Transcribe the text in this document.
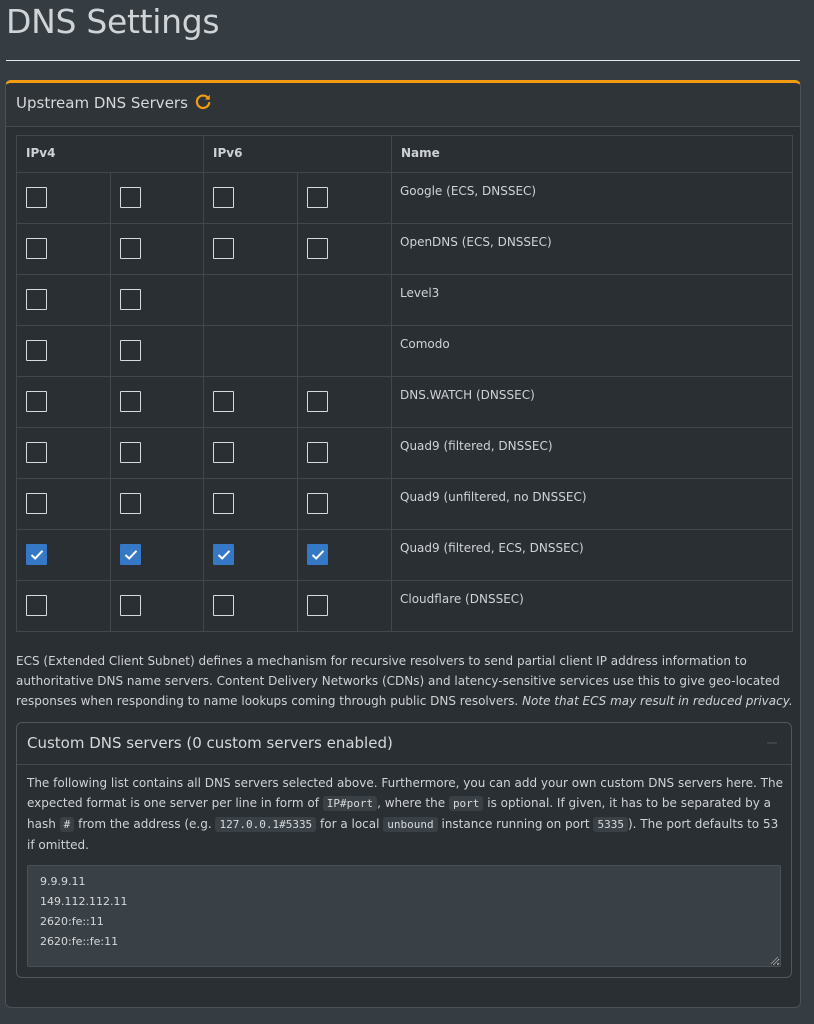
DNS Settings
Upstream DNS Servers
IPv4		IPv6		Name

	Google (ECS, DNSSEC)

	OpenDNS (ECS, DNSSEC)

			Level3

			Comodo

	DNS.WATCH (DNSSEC)

	Quad9 (filtered, DNSSEC)

	Quad9 (unfiltered, no DNSSEC)

	Quad9 (filtered, ECS, DNSSEC)

	Cloudflare (DNSSEC)
ECS (Extended Client Subnet) defines a mechanism for recursive resolvers to send partial client IP address information to authoritative DNS name servers. Content Delivery Networks (CDNs) and latency-sensitive services use this to give geo-located responses when responding to name lookups coming through public DNS resolvers. Note that ECS may result in reduced privacy.
Custom DNS servers (0 custom servers enabled)
The following list contains all DNS servers selected above. Furthermore, you can add your own custom DNS servers here. The expected format is one server per line in form of IP#port , where the port is optional. If given, it has to be separated by a hash # from the address (e.g. 127.0.0.1#5335 for a local unbound instance running on port 5335 ). The port defaults to 53 if omitted.
9.9.9.11 149.112.112.11 2620:fe::11 2620:fe::fe:11
